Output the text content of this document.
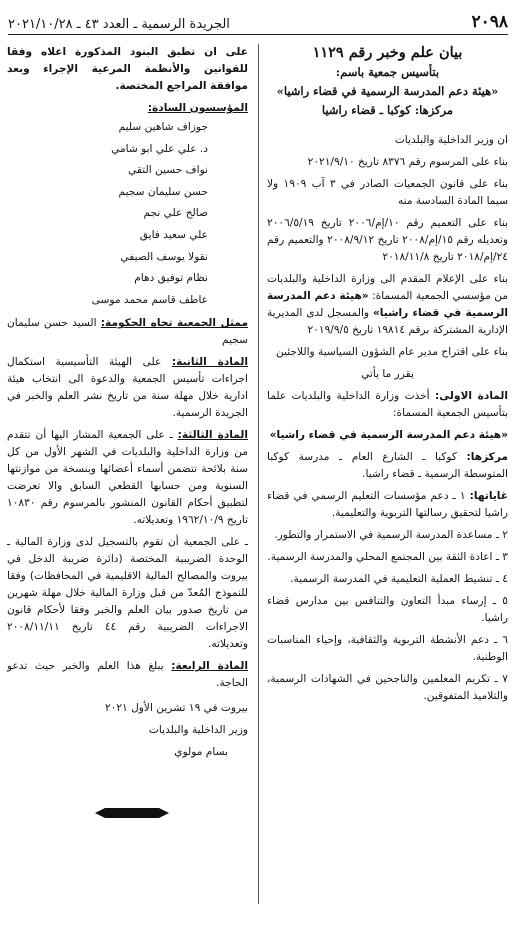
٢٠٩٨
الجريدة الرسمية ـ العدد ٤٣ ـ ٢٠٢١/١٠/٢٨
بيان علم وخبر رقم ١١٢٩
بتأسيس جمعية باسم:
«هيئة دعم المدرسة الرسمية في قضاء راشيا»
مركزها: كوكبا ـ قضاء راشيا

ان وزير الداخلية والبلديات

بناء على المرسوم رقم ٨٣٧٦ تاريخ ٢٠٢١/٩/١٠

بناء على قانون الجمعيات الصادر في ٣ آب ١٩٠٩ ولا سيما المادة السادسة منه

بناء على التعميم رقم ١٠/إم/٢٠٠٦ تاريخ ٢٠٠٦/٥/١٩ وتعديله رقم ١٥/إم/٢٠٠٨ تاريخ ٢٠٠٨/٩/١٢ والتعميم رقم ٢٤/إم/٢٠١٨ تاريخ ٢٠١٨/١١/٨

بناء على الإعلام المقدم الى وزارة الداخلية والبلديات من مؤسسي الجمعية المسماة: «هيئة دعم المدرسة الرسمية في قضاء راشيا» والمسجل لدى المديرية الإدارية المشتركة برقم ١٩٨١٤ تاريخ ٢٠١٩/٩/٥

بناء على اقتراح مدير عام الشؤون السياسية واللاجئين

يقرر ما يأتي

المادة الاولى: أخذت وزارة الداخلية والبلديات علما بتأسيس الجمعية المسماة:

«هيئة دعم المدرسة الرسمية في قضاء راشيا»

مركزها: كوكبا ـ الشارع العام ـ مدرسة كوكبا المتوسطة الرسمية ـ قضاء راشيا.

غاياتها: ١ ـ دعم مؤسسات التعليم الرسمي في قضاء راشيا لتحقيق رسالتها التربوية والتعليمية.

٢ ـ مساعدة المدرسة الرسمية في الاستمرار والتطور.

٣ ـ اعادة الثقة بين المجتمع المحلي والمدرسة الرسمية.

٤ ـ تنشيط العملية التعليمية في المدرسة الرسمية.

٥ ـ إرساء مبدأ التعاون والتنافس بين مدارس قضاء راشيا.

٦ ـ دعم الأنشطة التربوية والثقافية، وإحياء المناسبات الوطنية.

٧ ـ تكريم المعلمين والناجحين في الشهادات الرسمية، والتلاميذ المتفوقين.

على ان تطبق البنود المذكورة اعلاه وفقا للقوانين والأنظمة المرعية الإجراء وبعد موافقة المراجع المختصة.

المؤسسون السادة:

جوزاف شاهين سليم
د. علي علي ابو شامي
نواف حسين التقي
حسن سليمان سجيم
صالح علي نجم
علي سعيد فايق
نقولا يوسف الصيفي
نظام توفيق دهام
عاطف قاسم محمد موسى

ممثل الجمعية تجاه الحكومة: السيد حسن سليمان سجيم

المادة الثانية: على الهيئة التأسيسية استكمال اجراءات تأسيس الجمعية والدعوة الى انتخاب هيئة ادارية خلال مهلة سنة من تاريخ نشر العلم والخبر في الجريدة الرسمية.

المادة الثالثة: ـ على الجمعية المشار اليها أن تتقدم من وزارة الداخلية والبلديات في الشهر الأول من كل سنة بلائحة تتضمن أسماء أعضائها وبنسخة من موازنتها السنوية ومن حسابها القطعي السابق والا تعرضت لتطبيق أحكام القانون المنشور بالمرسوم رقم ١٠٨٣٠ تاريخ ١٩٦٢/١٠/٩ وتعديلاته.

ـ على الجمعية أن تقوم بالتسجيل لدى وزارة المالية ـ الوحدة الضريبية المختصة (دائرة ضريبة الدخل في بيروت والمصالح المالية الاقليمية في المحافظات) وفقا للنموذج المُعدّ من قبل وزارة المالية خلال مهلة شهرين من تاريخ صدور بيان العلم والخبر وفقا لأحكام قانون الاجراءات الضريبية رقم ٤٤ تاريخ ٢٠٠٨/١١/١١ وتعديلاته.

المادة الرابعة: يبلغ هذا العلم والخبر حيث تدعو الحاجة.

بيروت في ١٩ تشرين الأول ٢٠٢١
وزير الداخلية والبلديات
بسام مولوي
